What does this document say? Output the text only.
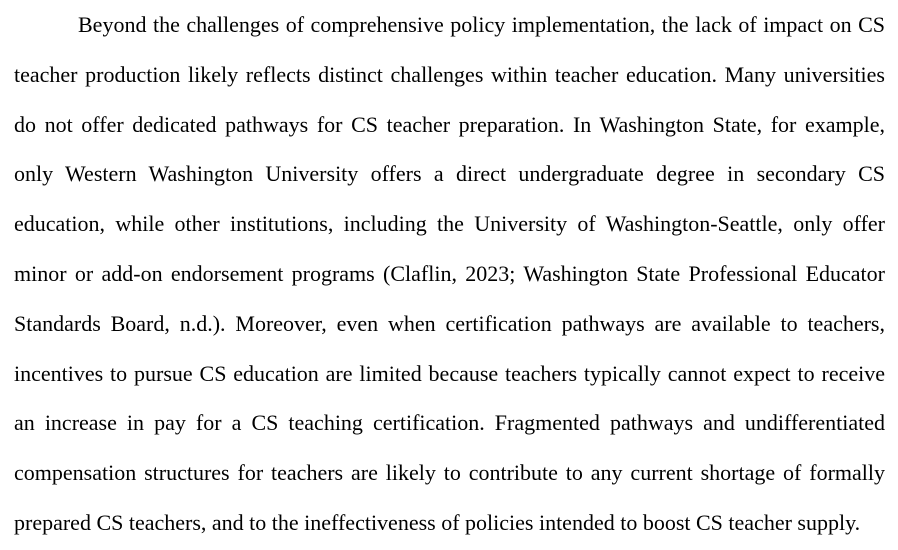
Beyond the challenges of comprehensive policy implementation, the lack of impact on CS

teacher production likely reflects distinct challenges within teacher education. Many universities

do not offer dedicated pathways for CS teacher preparation. In Washington State, for example,

only Western Washington University offers a direct undergraduate degree in secondary CS

education, while other institutions, including the University of Washington-Seattle, only offer

minor or add-on endorsement programs (Claflin, 2023; Washington State Professional Educator

Standards Board, n.d.). Moreover, even when certification pathways are available to teachers,

incentives to pursue CS education are limited because teachers typically cannot expect to receive

an increase in pay for a CS teaching certification. Fragmented pathways and undifferentiated

compensation structures for teachers are likely to contribute to any current shortage of formally

prepared CS teachers, and to the ineffectiveness of policies intended to boost CS teacher supply.
